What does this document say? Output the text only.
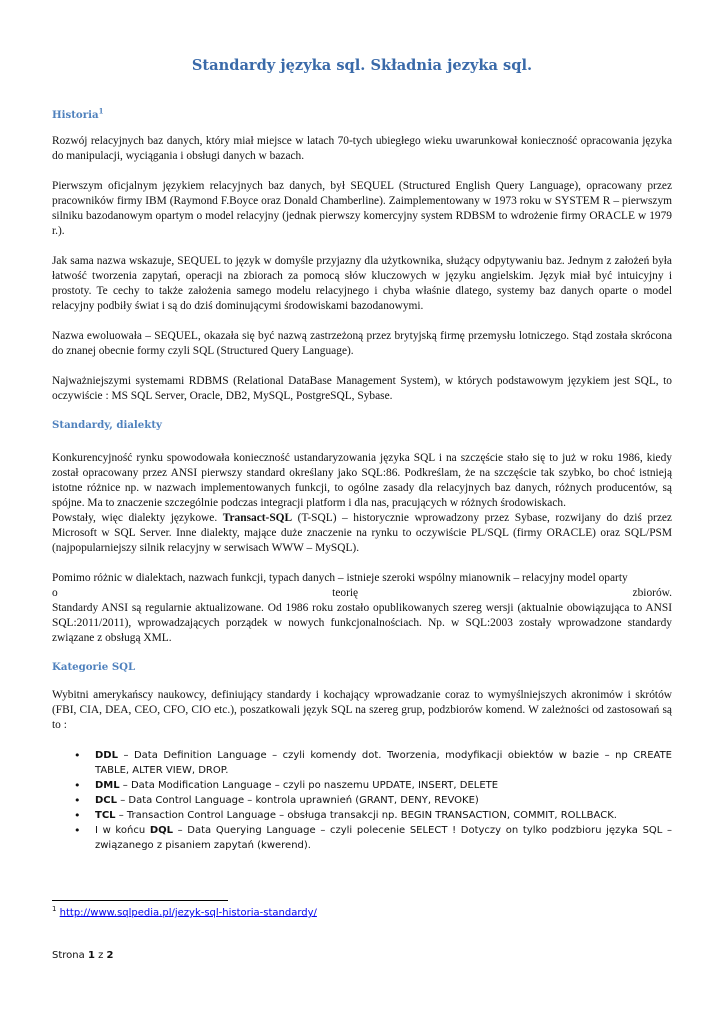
Standardy języka sql. Składnia jezyka sql.
Historia$^1$

Rozwój relacyjnych baz danych, który miał miejsce w latach 70-tych ubiegłego wieku uwarunkował konieczność opracowania języka do manipulacji, wyciągania i obsługi danych w bazach.

Pierwszym oficjalnym językiem relacyjnych baz danych, był SEQUEL (Structured English Query Language), opracowany przez pracowników firmy IBM (Raymond F.Boyce oraz Donald Chamberline). Zaimplementowany w 1973 roku w SYSTEM R – pierwszym silniku bazodanowym opartym o model relacyjny (jednak pierwszy komercyjny system RDBSM to wdrożenie firmy ORACLE w 1979 r.).

Jak sama nazwa wskazuje, SEQUEL to język w domyśle przyjazny dla użytkownika, służący odpytywaniu baz. Jednym z założeń była łatwość tworzenia zapytań, operacji na zbiorach za pomocą słów kluczowych w języku angielskim. Język miał być intuicyjny i prostoty. Te cechy to także założenia samego modelu relacyjnego i chyba właśnie dlatego, systemy baz danych oparte o model relacyjny podbiły świat i są do dziś dominującymi środowiskami bazodanowymi.

Nazwa ewoluowała – SEQUEL, okazała się być nazwą zastrzeżoną przez brytyjską firmę przemysłu lotniczego. Stąd została skrócona do znanej obecnie formy czyli SQL (Structured Query Language).

Najważniejszymi systemami RDBMS (Relational DataBase Management System), w których podstawowym językiem jest SQL, to oczywiście : MS SQL Server, Oracle, DB2, MySQL, PostgreSQL, Sybase.

Standardy, dialekty

Konkurencyjność rynku spowodowała konieczność ustandaryzowania języka SQL i na szczęście stało się to już w roku 1986, kiedy został opracowany przez ANSI pierwszy standard określany jako SQL:86. Podkreślam, że na szczęście tak szybko, bo choć istnieją istotne różnice np. w nazwach implementowanych funkcji, to ogólne zasady dla relacyjnych baz danych, różnych producentów, są spójne. Ma to znaczenie szczególnie podczas integracji platform i dla nas, pracujących w różnych środowiskach.

Powstały, więc dialekty językowe. Transact-SQL (T-SQL) – historycznie wprowadzony przez Sybase, rozwijany do dziś przez Microsoft w SQL Server. Inne dialekty, mające duże znaczenie na rynku to oczywiście PL/SQL (firmy ORACLE) oraz SQL/PSM (najpopularniejszy silnik relacyjny w serwisach WWW – MySQL).

Pomimo różnic w dialektach, nazwach funkcji, typach danych – istnieje szeroki wspólny mianownik – relacyjny model oparty

o	teorię	zbiorów.

Standardy ANSI są regularnie aktualizowane. Od 1986 roku zostało opublikowanych szereg wersji (aktualnie obowiązująca to ANSI SQL:2011/2011), wprowadzających porządek w nowych funkcjonalnościach. Np. w SQL:2003 zostały wprowadzone standardy związane z obsługą XML.

Kategorie SQL

Wybitni amerykańscy naukowcy, definiujący standardy i kochający wprowadzanie coraz to wymyślniejszych akronimów i skrótów (FBI, CIA, DEA, CEO, CFO, CIO etc.), poszatkowali język SQL na szereg grup, podzbiorów komend. W zależności od zastosowań są to :

• DDL – Data Definition Language – czyli komendy dot. Tworzenia, modyfikacji obiektów w bazie – np CREATE TABLE, ALTER VIEW, DROP.
• DML – Data Modification Language – czyli po naszemu UPDATE, INSERT, DELETE
• DCL – Data Control Language – kontrola uprawnień (GRANT, DENY, REVOKE)
• TCL – Transaction Control Language – obsługa transakcji np. BEGIN TRANSACTION, COMMIT, ROLLBACK.
• I w końcu DQL – Data Querying Language – czyli polecenie SELECT ! Dotyczy on tylko podzbioru języka SQL – związanego z pisaniem zapytań (kwerend).
$^1$ http://www.sqlpedia.pl/jezyk-sql-historia-standardy/
Strona 1 z 2
